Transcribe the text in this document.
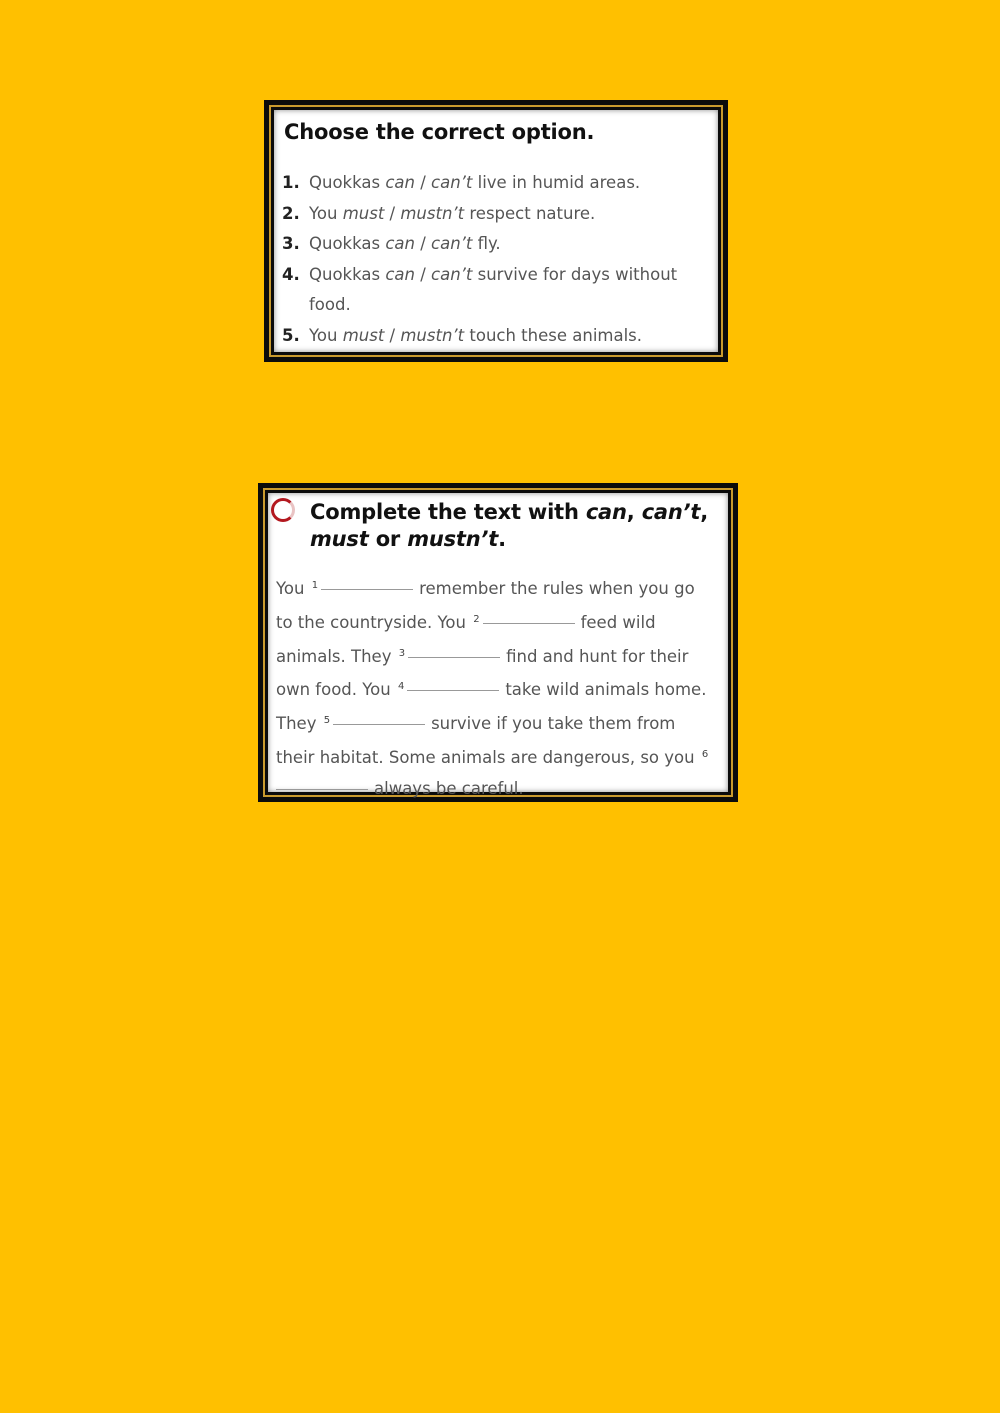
Choose the correct option.
1. Quokkas can / can’t live in humid areas.
2. You must / mustn’t respect nature.
3. Quokkas can / can’t fly.
4. Quokkas can / can’t survive for days without food.
5. You must / mustn’t touch these animals.
Complete the text with can, can’t,
must or mustn’t.
You $^1$	remember the rules when you go to the countryside. You $^2$	feed wild animals. They $^3$	find and hunt for their own food. You $^4$	take wild animals home. They $^5$	survive if you take them from their habitat. Some animals are dangerous, so you $^6$always be careful.
